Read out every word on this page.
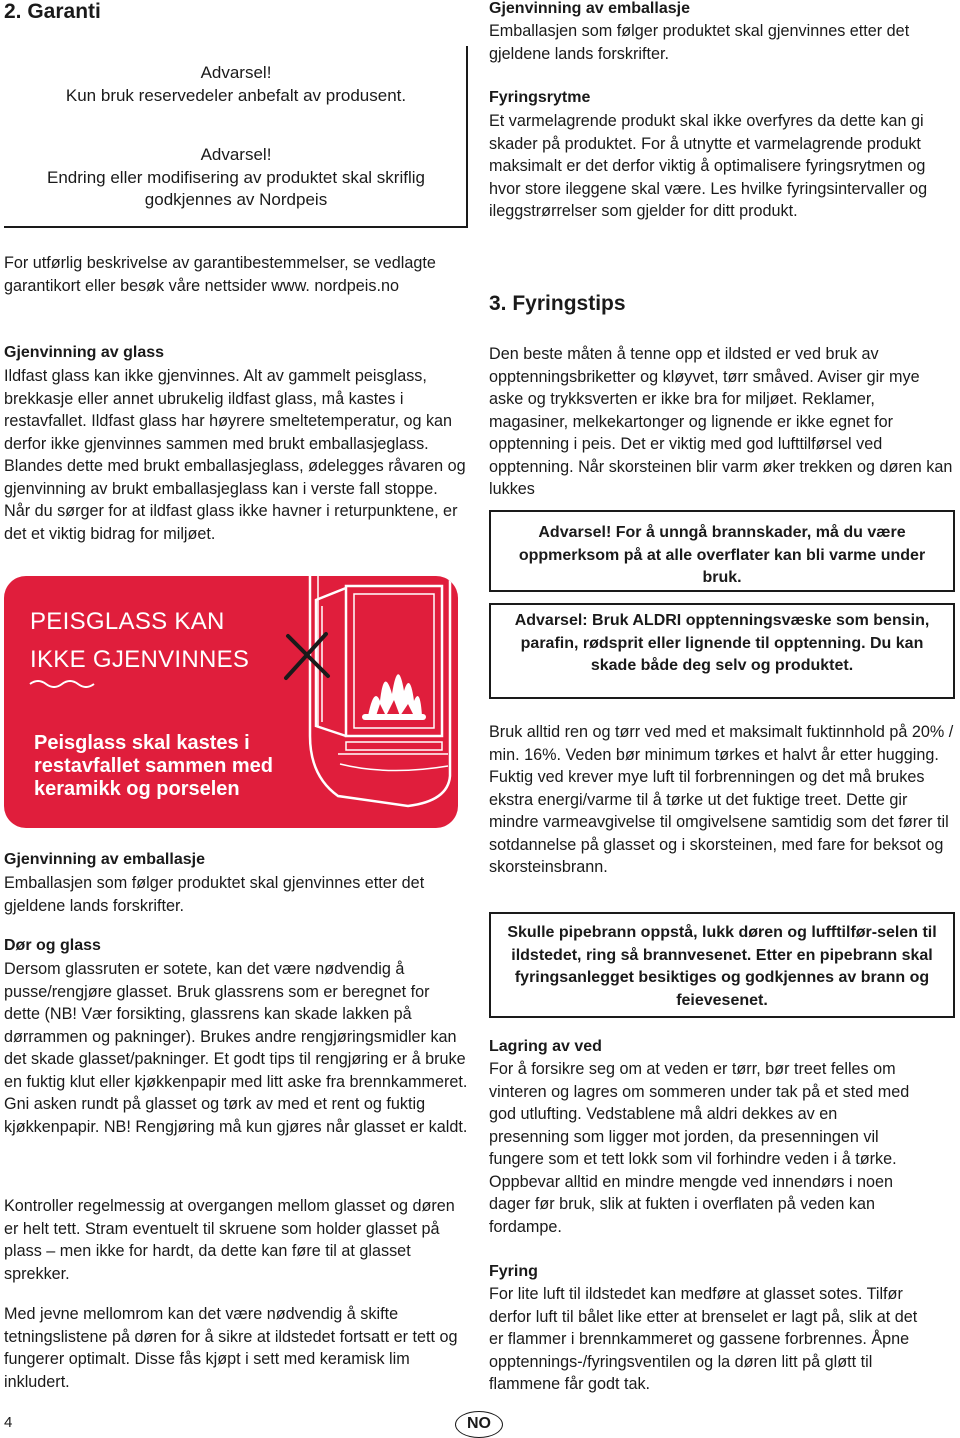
2. Garanti
Advarsel!
Kun bruk reservedeler anbefalt av produsent.
Advarsel!
Endring eller modifisering av produktet skal skriflig
godkjennes av Nordpeis

For utførlig beskrivelse av garantibestemmelser, se vedlagte garantikort eller besøk våre nettsider www. nordpeis.no

Gjenvinning av glass

Ildfast glass kan ikke gjenvinnes. Alt av gammelt peisglass, brekkasje eller annet ubrukelig ildfast glass, må kastes i restavfallet. Ildfast glass har høyrere smeltetemperatur, og kan derfor ikke gjenvinnes sammen med brukt emballasjeglass. Blandes dette med brukt emballasjeglass, ødelegges råvaren og gjenvinning av brukt emballasjeglass kan i verste fall stoppe. Når du sørger for at ildfast glass ikke havner i returpunktene, er det et viktig bidrag for miljøet.

PEISGLASS KAN
IKKE GJENVINNES
Peisglass skal kastes i
restavfallet sammen med
keramikk og porselen
Gjenvinning av emballasje

Emballasjen som følger produktet skal gjenvinnes etter det gjeldene lands forskrifter.

Dør og glass

Dersom glassruten er sotete, kan det være nødvendig å pusse/rengjøre glasset. Bruk glassrens som er beregnet for dette (NB! Vær forsikting, glassrens kan skade lakken på dørrammen og pakninger). Brukes andre rengjøringsmidler kan det skade glasset/pakninger. Et godt tips til rengjøring er å bruke en fuktig klut eller kjøkkenpapir med litt aske fra brennkammeret. Gni asken rundt på glasset og tørk av med et rent og fuktig kjøkkenpapir. NB! Rengjøring må kun gjøres når glasset er kaldt.

Kontroller regelmessig at overgangen mellom glasset og døren er helt tett. Stram eventuelt til skruene som holder glasset på plass – men ikke for hardt, da dette kan føre til at glasset sprekker.

Med jevne mellomrom kan det være nødvendig å skifte tetningslistene på døren for å sikre at ildstedet fortsatt er tett og fungerer optimalt. Disse fås kjøpt i sett med keramisk lim inkludert.

Gjenvinning av emballasje

Emballasjen som følger produktet skal gjenvinnes etter det gjeldene lands forskrifter.

Fyringsrytme

Et varmelagrende produkt skal ikke overfyres da dette kan gi skader på produktet. For å utnytte et varmelagrende produkt maksimalt er det derfor viktig å optimalisere fyringsrytmen og hvor store ileggene skal være. Les hvilke fyringsintervaller og ileggstrørrelser som gjelder for ditt produkt.

3. Fyringstips

Den beste måten å tenne opp et ildsted er ved bruk av opptenningsbriketter og kløyvet, tørr småved. Aviser gir mye aske og trykksverten er ikke bra for miljøet. Reklamer, magasiner, melkekartonger og lignende er ikke egnet for opptenning i peis. Det er viktig med god lufttilførsel ved opptenning. Når skorsteinen blir varm øker trekken og døren kan lukkes

Advarsel! For å unngå brannskader, må du være oppmerksom på at alle overflater kan bli varme under bruk.
Advarsel: Bruk ALDRI opptenningsvæske som bensin, parafin, rødsprit eller lignende til opptenning. Du kan skade både deg selv og produktet.

Bruk alltid ren og tørr ved med et maksimalt fuktinnhold på 20% / min. 16%. Veden bør minimum tørkes et halvt år etter hugging. Fuktig ved krever mye luft til forbrenningen og det må brukes ekstra energi/varme til å tørke ut det fuktige treet. Dette gir mindre varmeavgivelse til omgivelsene samtidig som det fører til sotdannelse på glasset og i skorsteinen, med fare for beksot og skorsteinsbrann.

Skulle pipebrann oppstå, lukk døren og lufftilfør-selen til ildstedet, ring så brannvesenet. Etter en pipebrann skal fyringsanlegget besiktiges og godkjennes av brann og feievesenet.
Lagring av ved

For å forsikre seg om at veden er tørr, bør treet felles om vinteren og lagres om sommeren under tak på et sted med god utlufting. Vedstablene må aldri dekkes av en presenning som ligger mot jorden, da presenningen vil fungere som et tett lokk som vil forhindre veden i å tørke. Oppbevar alltid en mindre mengde ved innendørs i noen dager før bruk, slik at fukten i overflaten på veden kan fordampe.

Fyring

For lite luft til ildstedet kan medføre at glasset sotes. Tilfør derfor luft til bålet like etter at brenselet er lagt på, slik at det er flammer i brennkammeret og gassene forbrennes. Åpne opptennings-/fyringsventilen og la døren litt på gløtt til flammene får godt tak.

4	NO
